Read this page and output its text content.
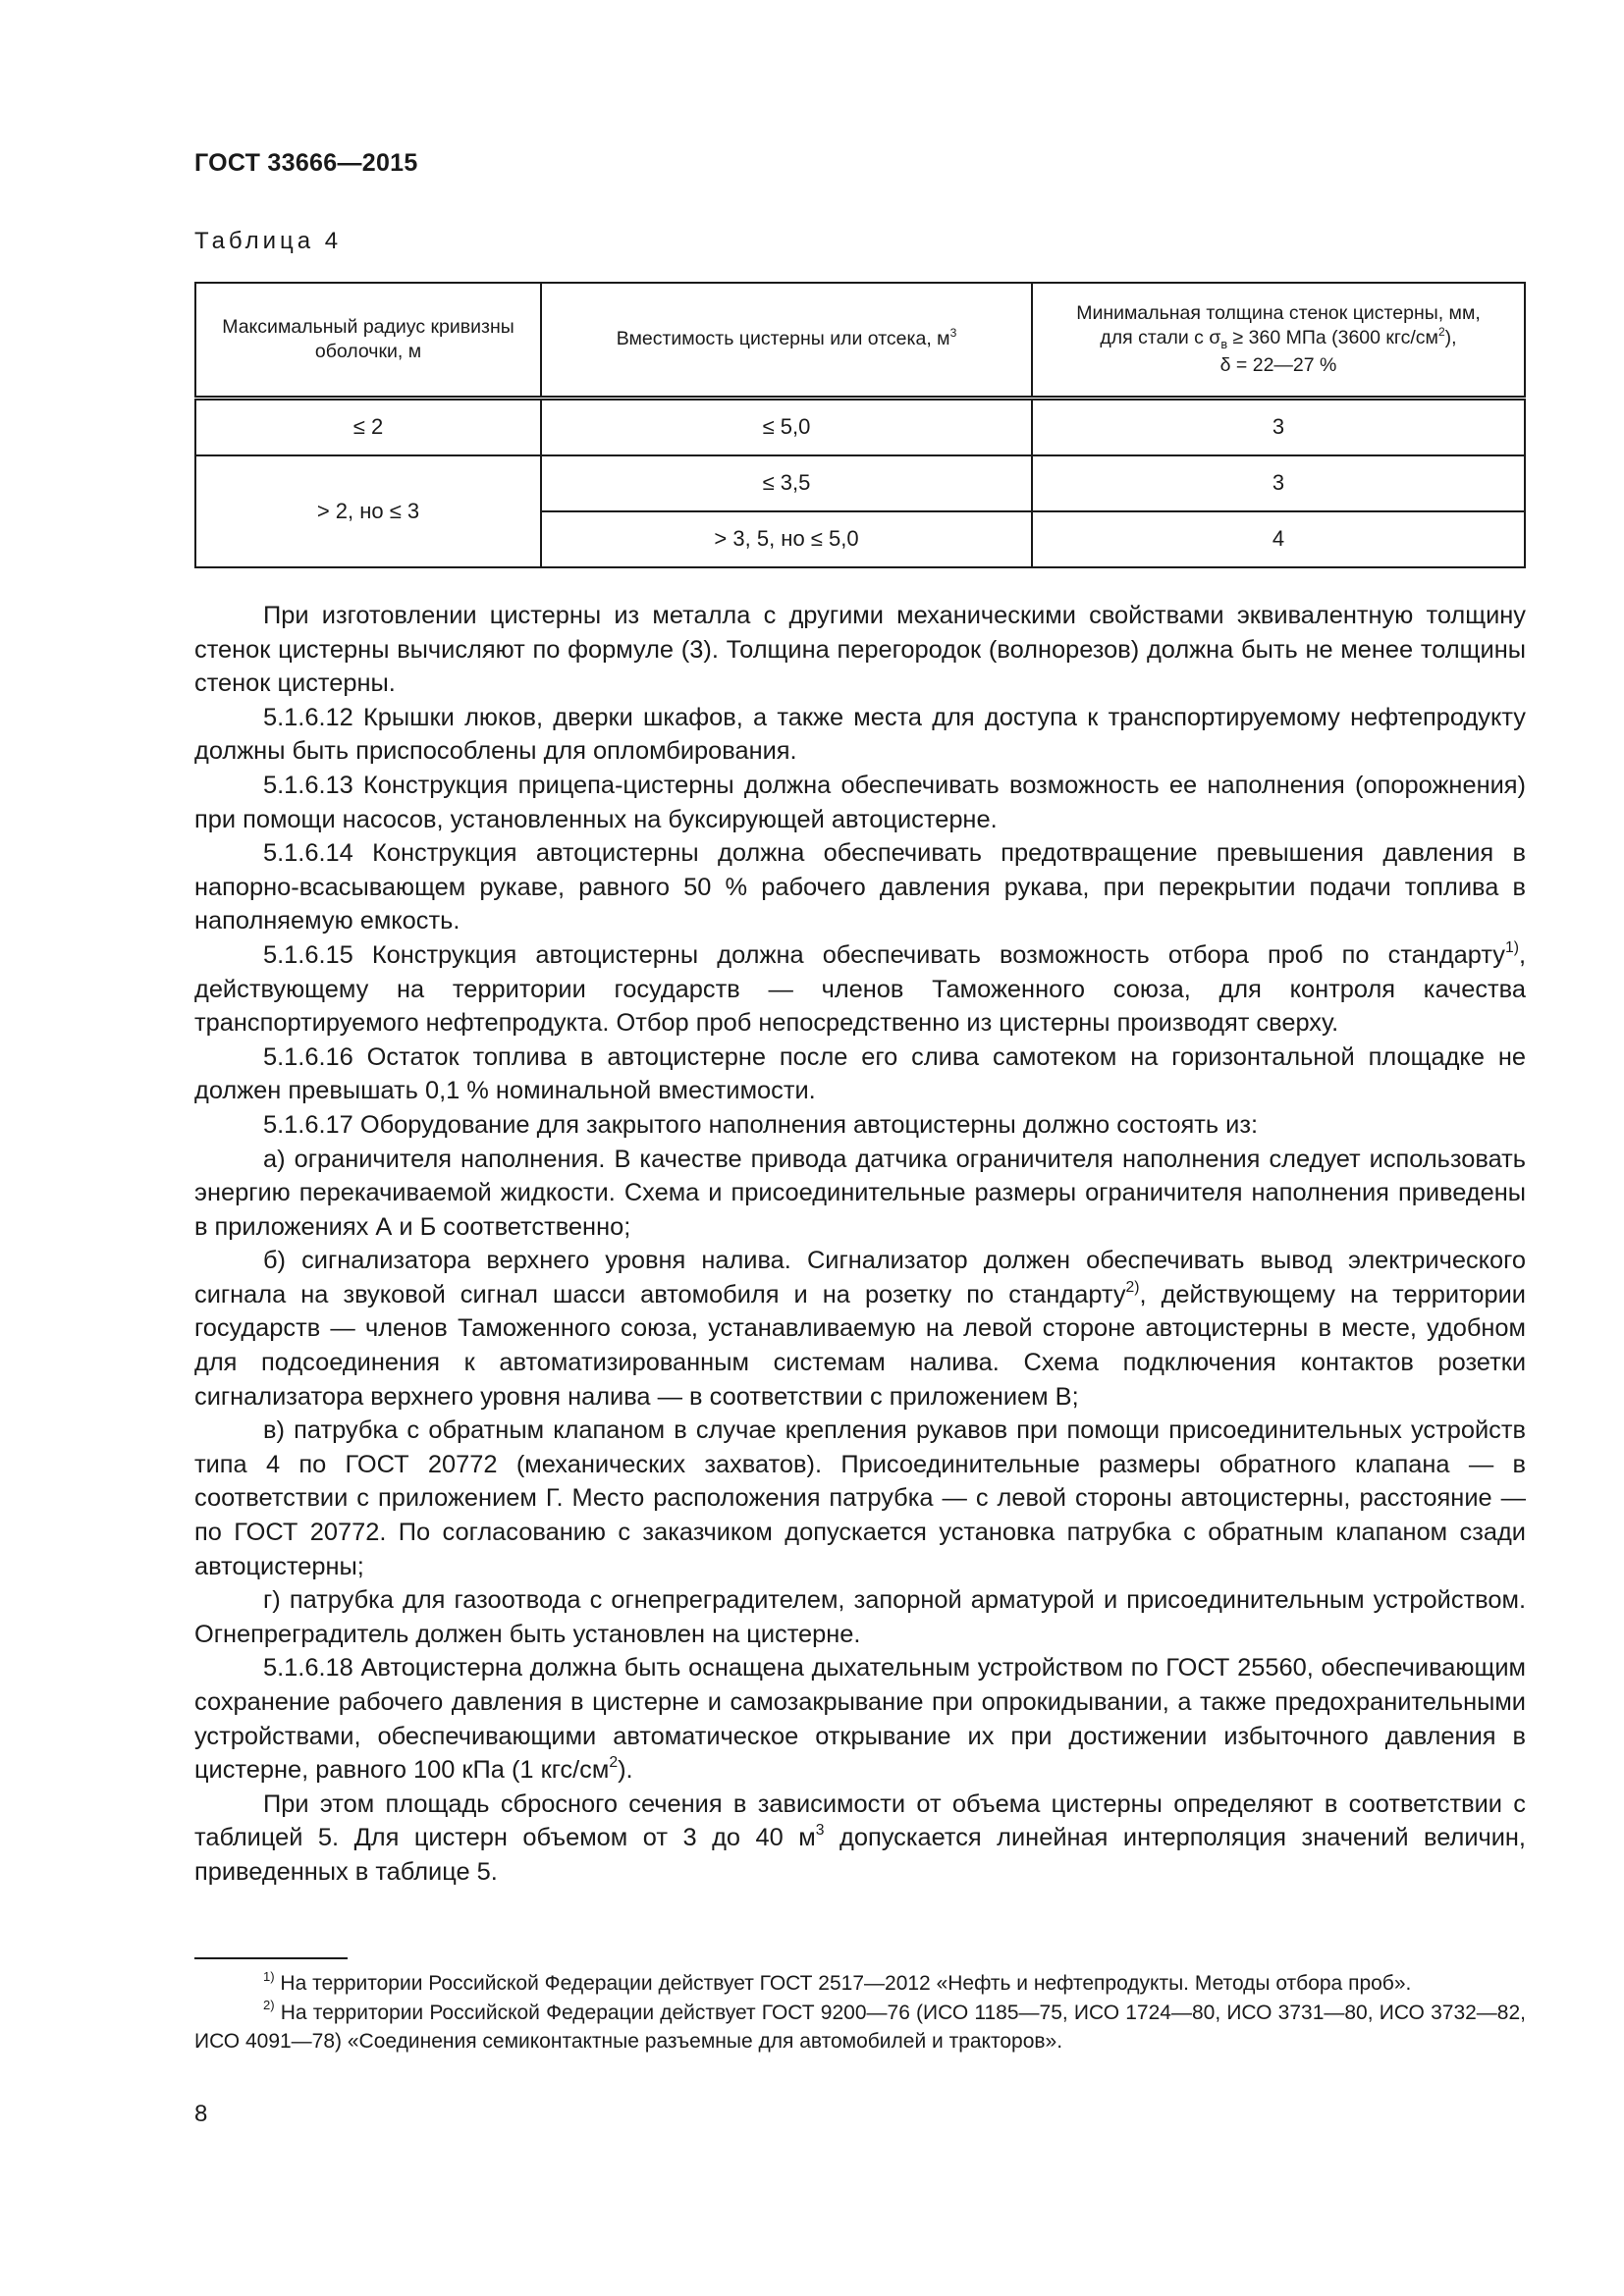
ГОСТ 33666—2015
Таблица 4
Максимальный радиус кривизны оболочки, м	Вместимость цистерны или отсека, $м^3$	Минимальная толщина стенок цистерны, мм,
для стали с $\sigma_в \ge 360$ МПа (3600 кгс/$см^2$),
δ = 22—27 %
≤ 2	≤ 5,0	3
> 2, но ≤ 3	≤ 3,5	3
	> 3, 5, но ≤ 5,0	4

При изготовлении цистерны из металла с другими механическими свойствами эквивалентную толщину стенок цистерны вычисляют по формуле (3). Толщина перегородок (волнорезов) должна быть не менее толщины стенок цистерны.

5.1.6.12 Крышки люков, дверки шкафов, а также места для доступа к транспортируемому нефтепродукту должны быть приспособлены для опломбирования.

5.1.6.13 Конструкция прицепа-цистерны должна обеспечивать возможность ее наполнения (опорожнения) при помощи насосов, установленных на буксирующей автоцистерне.

5.1.6.14 Конструкция автоцистерны должна обеспечивать предотвращение превышения давления в напорно-всасывающем рукаве, равного 50 % рабочего давления рукава, при перекрытии подачи топлива в наполняемую емкость.

5.1.6.15 Конструкция автоцистерны должна обеспечивать возможность отбора проб по стандарту$^{1)}$, действующему на территории государств — членов Таможенного союза, для контроля качества транспортируемого нефтепродукта. Отбор проб непосредственно из цистерны производят сверху.

5.1.6.16 Остаток топлива в автоцистерне после его слива самотеком на горизонтальной площадке не должен превышать 0,1 % номинальной вместимости.

5.1.6.17 Оборудование для закрытого наполнения автоцистерны должно состоять из:

а) ограничителя наполнения. В качестве привода датчика ограничителя наполнения следует использовать энергию перекачиваемой жидкости. Схема и присоединительные размеры ограничителя наполнения приведены в приложениях А и Б соответственно;

б) сигнализатора верхнего уровня налива. Сигнализатор должен обеспечивать вывод электрического сигнала на звуковой сигнал шасси автомобиля и на розетку по стандарту$^{2)}$, действующему на территории государств — членов Таможенного союза, устанавливаемую на левой стороне автоцистерны в месте, удобном для подсоединения к автоматизированным системам налива. Схема подключения контактов розетки сигнализатора верхнего уровня налива — в соответствии с приложением В;

в) патрубка с обратным клапаном в случае крепления рукавов при помощи присоединительных устройств типа 4 по ГОСТ 20772 (механических захватов). Присоединительные размеры обратного клапана — в соответствии с приложением Г. Место расположения патрубка — с левой стороны автоцистерны, расстояние — по ГОСТ 20772. По согласованию с заказчиком допускается установка патрубка с обратным клапаном сзади автоцистерны;

г) патрубка для газоотвода с огнепреградителем, запорной арматурой и присоединительным устройством. Огнепреградитель должен быть установлен на цистерне.

5.1.6.18 Автоцистерна должна быть оснащена дыхательным устройством по ГОСТ 25560, обеспечивающим сохранение рабочего давления в цистерне и самозакрывание при опрокидывании, а также предохранительными устройствами, обеспечивающими автоматическое открывание их при достижении избыточного давления в цистерне, равного 100 кПа (1 кгс/$см^2$).

При этом площадь сбросного сечения в зависимости от объема цистерны определяют в соответствии с таблицей 5. Для цистерн объемом от 3 до 40 $м^3$ допускается линейная интерполяция значений величин, приведенных в таблице 5.

$^{1)}$ На территории Российской Федерации действует ГОСТ 2517—2012 «Нефть и нефтепродукты. Методы отбора проб».

$^{2)}$ На территории Российской Федерации действует ГОСТ 9200—76 (ИСО 1185—75, ИСО 1724—80, ИСО 3731—80, ИСО 3732—82, ИСО 4091—78) «Соединения семиконтактные разъемные для автомобилей и тракторов».

8
